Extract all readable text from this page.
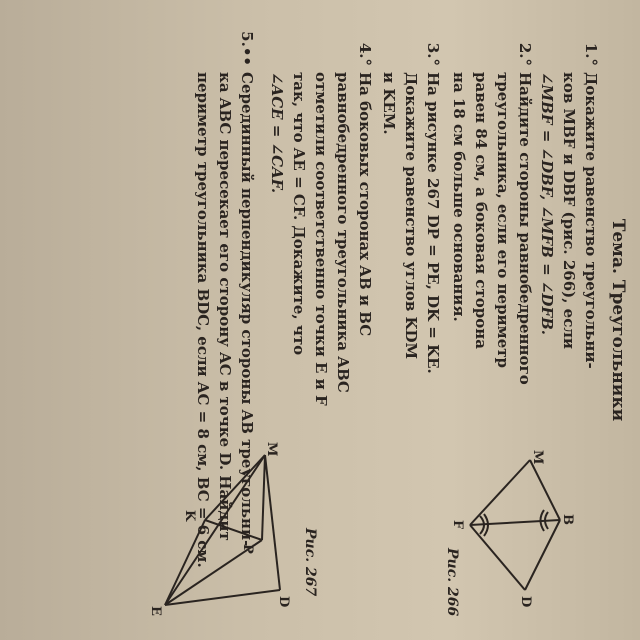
Тема. Треугольники
1.°Докажите равенство треугольни-
ков MBF и DBF (рис. 266), если
∠MBF = ∠DBF, ∠MFB = ∠DFB.
2.°Найдите стороны равнобедренного
треугольника, если его периметр
равен 84 см, а боковая сторона
на 18 см больше основания.
3.°На рисунке 267 DP = PE, DK = KE.
Докажите равенство углов KDM
и KEM.
4.°На боковых сторонах AB и BC
равнобедренного треугольника ABC
отметили соответственно точки E и F
так, что AE = CF. Докажите, что
∠ACE = ∠CAF.
5.••Серединный перпендикуляр стороны AB треугольни-
ка ABC пересекает его сторону AC в точке D. Найдит
периметр треугольника BDC, если AC = 8 см, BC = 6 см.	M
B
D
F
Рис. 266
M
D
P
K
E
Рис. 267
